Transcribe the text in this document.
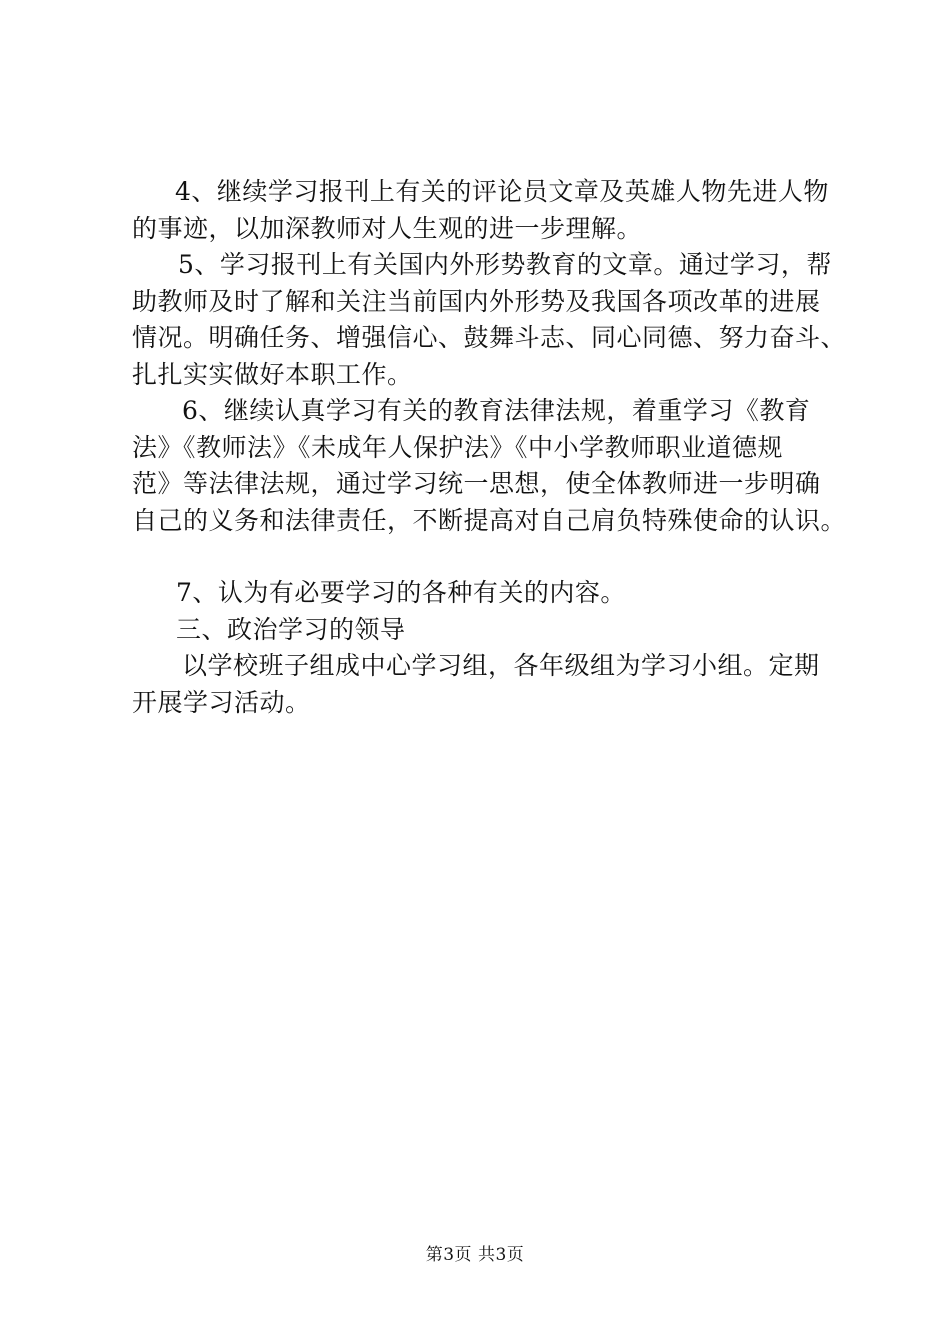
4、继续学习报刊上有关的评论员文章及英雄人物先进人物
的事迹，以加深教师对人生观的进一步理解。
5、学习报刊上有关国内外形势教育的文章。通过学习，帮
助教师及时了解和关注当前国内外形势及我国各项改革的进展
情况。明确任务、增强信心、鼓舞斗志、同心同德、努力奋斗、
扎扎实实做好本职工作。
6、继续认真学习有关的教育法律法规，着重学习《教育
法》《教师法》《未成年人保护法》《中小学教师职业道德规
范》等法律法规，通过学习统一思想，使全体教师进一步明确
自己的义务和法律责任，不断提高对自己肩负特殊使命的认识。
7、认为有必要学习的各种有关的内容。
三、政治学习的领导
以学校班子组成中心学习组，各年级组为学习小组。定期
开展学习活动。
第3页 共3页
